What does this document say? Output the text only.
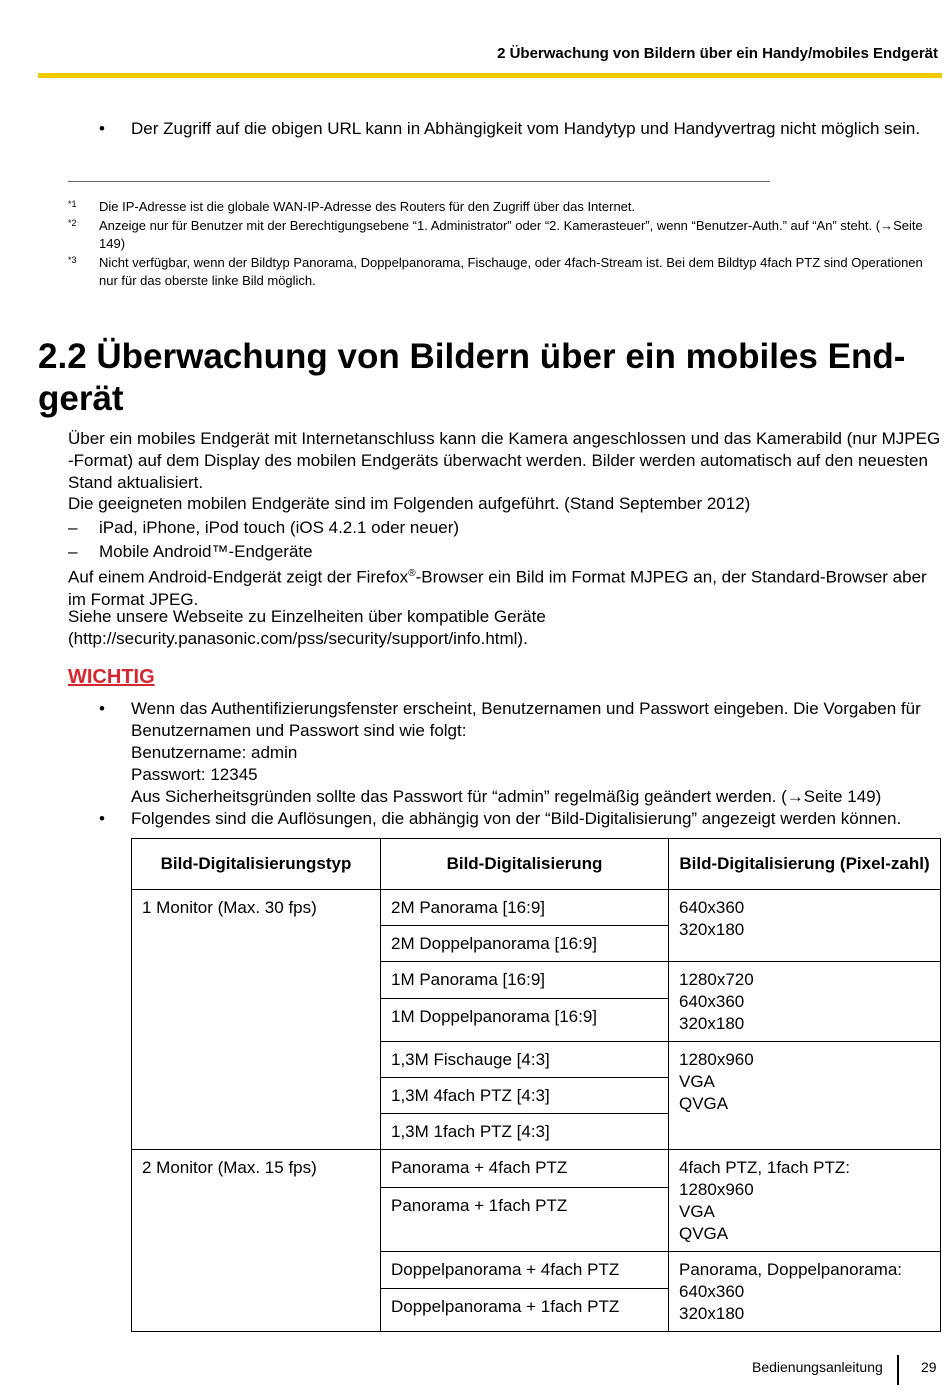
2 Überwachung von Bildern über ein Handy/mobiles Endgerät
• Der Zugriff auf die obigen URL kann in Abhängigkeit vom Handytyp und Handyvertrag nicht möglich sein.
*1 Die IP-Adresse ist die globale WAN-IP-Adresse des Routers für den Zugriff über das Internet.
*2 Anzeige nur für Benutzer mit der Berechtigungsebene “1. Administrator” oder “2. Kamerasteuer”, wenn “Benutzer-Auth.” auf “An” steht. (→Seite 149)
*3 Nicht verfügbar, wenn der Bildtyp Panorama, Doppelpanorama, Fischauge, oder 4fach-Stream ist. Bei dem Bildtyp 4fach PTZ sind Operationen nur für das oberste linke Bild möglich.
2.2 Überwachung von Bildern über ein mobiles End-
gerät
Über ein mobiles Endgerät mit Internetanschluss kann die Kamera angeschlossen und das Kamerabild (nur MJPEG -Format) auf dem Display des mobilen Endgeräts überwacht werden. Bilder werden automatisch auf den neuesten Stand aktualisiert.
Die geeigneten mobilen Endgeräte sind im Folgenden aufgeführt. (Stand September 2012)
– iPad, iPhone, iPod touch (iOS 4.2.1 oder neuer)
– Mobile Android™-Endgeräte
Auf einem Android-Endgerät zeigt der Firefox®-Browser ein Bild im Format MJPEG an, der Standard-Browser aber im Format JPEG.
Siehe unsere Webseite zu Einzelheiten über kompatible Geräte
(http://security.panasonic.com/pss/security/support/info.html).
WICHTIG
• Wenn das Authentifizierungsfenster erscheint, Benutzernamen und Passwort eingeben. Die Vorgaben für Benutzernamen und Passwort sind wie folgt:
Benutzername: admin
Passwort: 12345
Aus Sicherheitsgründen sollte das Passwort für “admin” regelmäßig geändert werden. (→Seite 149)
• Folgendes sind die Auflösungen, die abhängig von der “Bild-Digitalisierung” angezeigt werden können.
Bild-Digitalisierungstyp	Bild-Digitalisierung	Bild-Digitalisierung (Pixel-zahl)
1 Monitor (Max. 30 fps)	2M Panorama [16:9]	640x360
320x180
	2M Doppelpanorama [16:9]	
	1M Panorama [16:9]	1280x720
640x360
320x180
	1M Doppelpanorama [16:9]	
	1,3M Fischauge [4:3]	1280x960
VGA
QVGA
	1,3M 4fach PTZ [4:3]	
	1,3M 1fach PTZ [4:3]	
2 Monitor (Max. 15 fps)	Panorama + 4fach PTZ	4fach PTZ, 1fach PTZ:
1280x960
VGA
QVGA
	Panorama + 1fach PTZ	
	Doppelpanorama + 4fach PTZ	Panorama, Doppelpanorama:
640x360
320x180
	Doppelpanorama + 1fach PTZ	
Bedienungsanleitung	29
